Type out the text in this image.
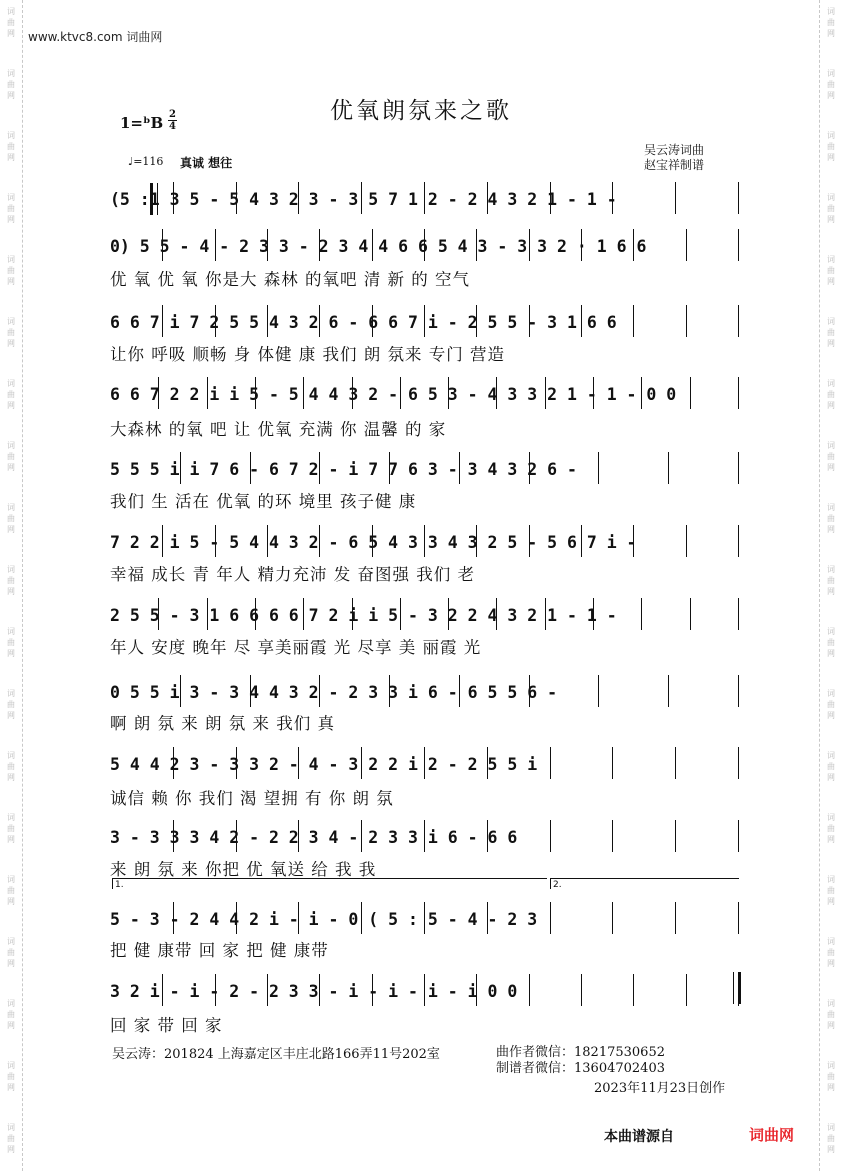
词
曲
网
词
曲
网
词
曲
网
词
曲
网
词
曲
网
词
曲
网
词
曲
网
词
曲
网
词
曲
网
词
曲
网
词
曲
网
词
曲
网
词
曲
网
词
曲
网
词
曲
网
词
曲
网
词
曲
网
词
曲
网
词
曲
网
词
曲
网
词
曲
网
词
曲
网
词
曲
网
词
曲
网
词
曲
网
词
曲
网
词
曲
网
词
曲
网
词
曲
网
词
曲
网
词
曲
网
词
曲
网
词
曲
网
词
曲
网
词
曲
网
词
曲
网
词
曲
网
词
曲
网
www.ktvc8.com 词曲网
优氧朗氛来之歌
1=ᵇB 2
4
吴云涛词曲
赵宝祥制谱
♩=116 真诚 想往
(5 :1 3 5 - 5 4 3 2 3 - 3 5 7 1 2 - 2 4 3 2 1 - 1 -
0) 5 5 - 4 - 2 3 3 - 2 3 4 4 6 6 5 4 3 - 3 3 2 · 1 6 6
优 氧 优 氧 你是大 森林 的氧吧 清 新 的 空气
6 6 7 i 7 2 5 5 4 3 2 6 - 6 6 7 i - 2 5 5 - 3 1 6 6
让你 呼吸 顺畅 身 体健 康 我们 朗 氛来 专门 营造
6 6 7 2 2 i i 5 - 5 4 4 3 2 - 6 5 3 - 4 3 3 2 1 - 1 - 0 0
大森林 的氧 吧 让 优氧 充满 你 温馨 的 家
5 5 5 i i 7 6 - 6 7 2 - i 7 7 6 3 - 3 4 3 2 6 -
我们 生 活在 优氧 的环 境里 孩子健 康
7 2 2 i 5 - 5 4 4 3 2 - 6 5 4 3 3 4 3 2 5 - 5 6 7 i -
幸福 成长 青 年人 精力充沛 发 奋图强 我们 老
2 5 5 - 3 1 6 6 6 6 7 2 i i 5 - 3 2 2 4 3 2 1 - 1 -
年人 安度 晚年 尽 享美丽霞 光 尽享 美 丽霞 光
0 5 5 i 3 - 3 4 4 3 2 - 2 3 3 i 6 - 6 5 5 6 -
啊 朗 氛 来 朗 氛 来 我们 真
5 4 4 2 3 - 3 3 2 - 4 - 3 2 2 i 2 - 2 5 5 i
诚信 赖 你 我们 渴 望拥 有 你 朗 氛
3 - 3 3 3 4 2 - 2 2 3 4 - 2 3 3 i 6 - 6 6
来 朗 氛 来 你把 优 氧送 给 我 我
5 - 3 - 2 4 4 2 i - i - 0 ( 5 : 5 - 4 - 2 3
把 健 康带 回 家 把 健 康带
3 2 i - i - 2 - 2 3 3 - i - i - i - i 0 0
回 家 带 回 家
1.	2.
吴云涛：201824 上海嘉定区丰庄北路166弄11号202室	曲作者微信：18217530652
制谱者微信：13604702403
2023年11月23日创作
本曲谱源自	词曲网
